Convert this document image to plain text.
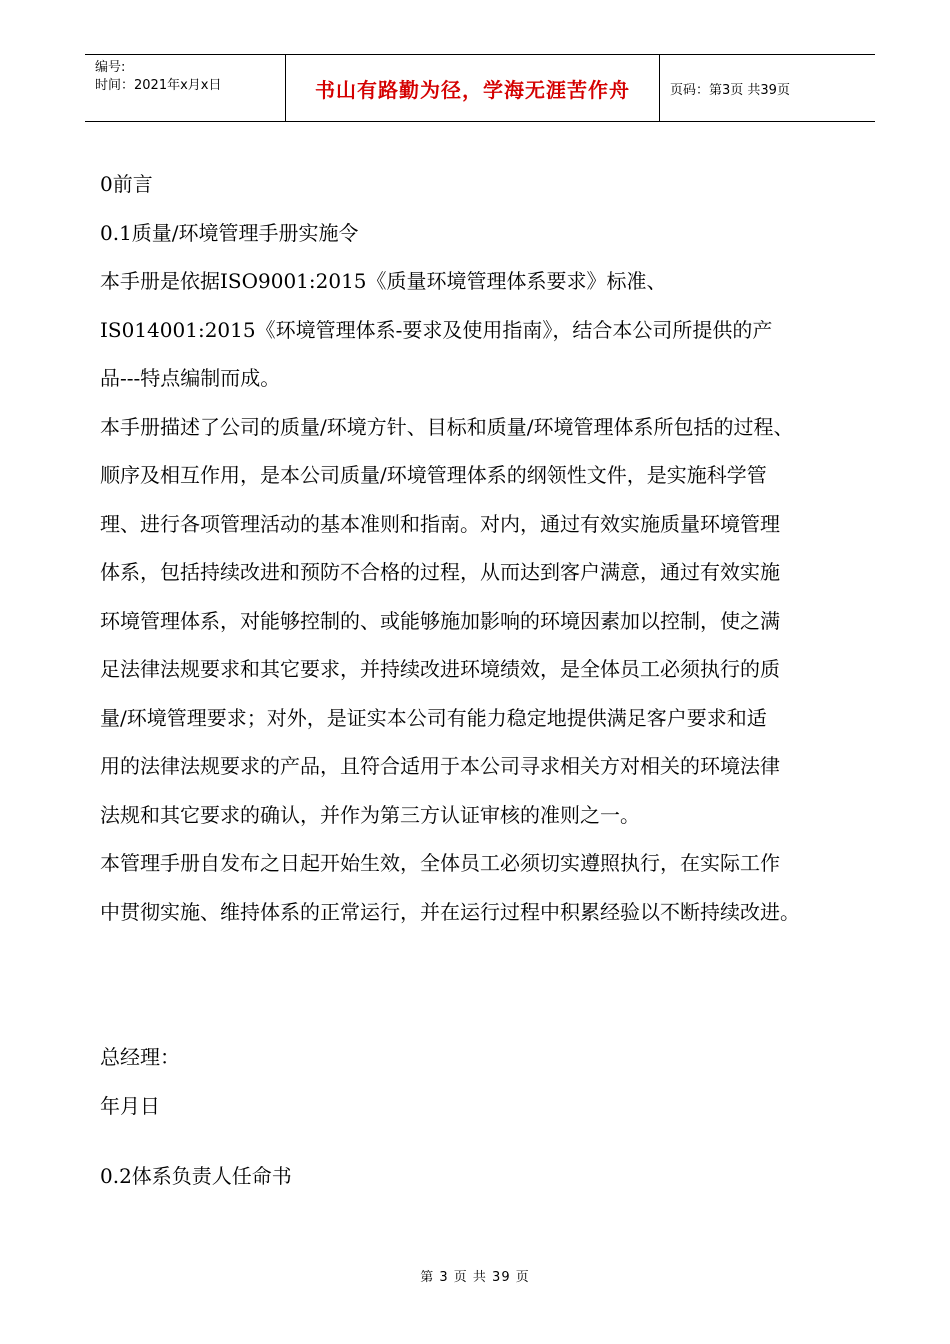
编号:
时间：2021年x月x日	书山有路勤为径，学海无涯苦作舟	页码：第3页 共39页
0前言
0.1质量/环境管理手册实施令
本手册是依据ISO9001:2015《质量环境管理体系要求》标准、
IS014001:2015《环境管理体系-要求及使用指南》，结合本公司所提供的产
品---特点编制而成。
本手册描述了公司的质量/环境方针、目标和质量/环境管理体系所包括的过程、
顺序及相互作用，是本公司质量/环境管理体系的纲领性文件，是实施科学管
理、进行各项管理活动的基本准则和指南。对内，通过有效实施质量环境管理
体系，包括持续改进和预防不合格的过程，从而达到客户满意，通过有效实施
环境管理体系，对能够控制的、或能够施加影响的环境因素加以控制，使之满
足法律法规要求和其它要求，并持续改进环境绩效，是全体员工必须执行的质
量/环境管理要求；对外，是证实本公司有能力稳定地提供满足客户要求和适
用的法律法规要求的产品，且符合适用于本公司寻求相关方对相关的环境法律
法规和其它要求的确认，并作为第三方认证审核的准则之一。
本管理手册自发布之日起开始生效，全体员工必须切实遵照执行，在实际工作
中贯彻实施、维持体系的正常运行，并在运行过程中积累经验以不断持续改进。
总经理：
年月日
0.2体系负责人任命书
第 3 页 共 39 页
